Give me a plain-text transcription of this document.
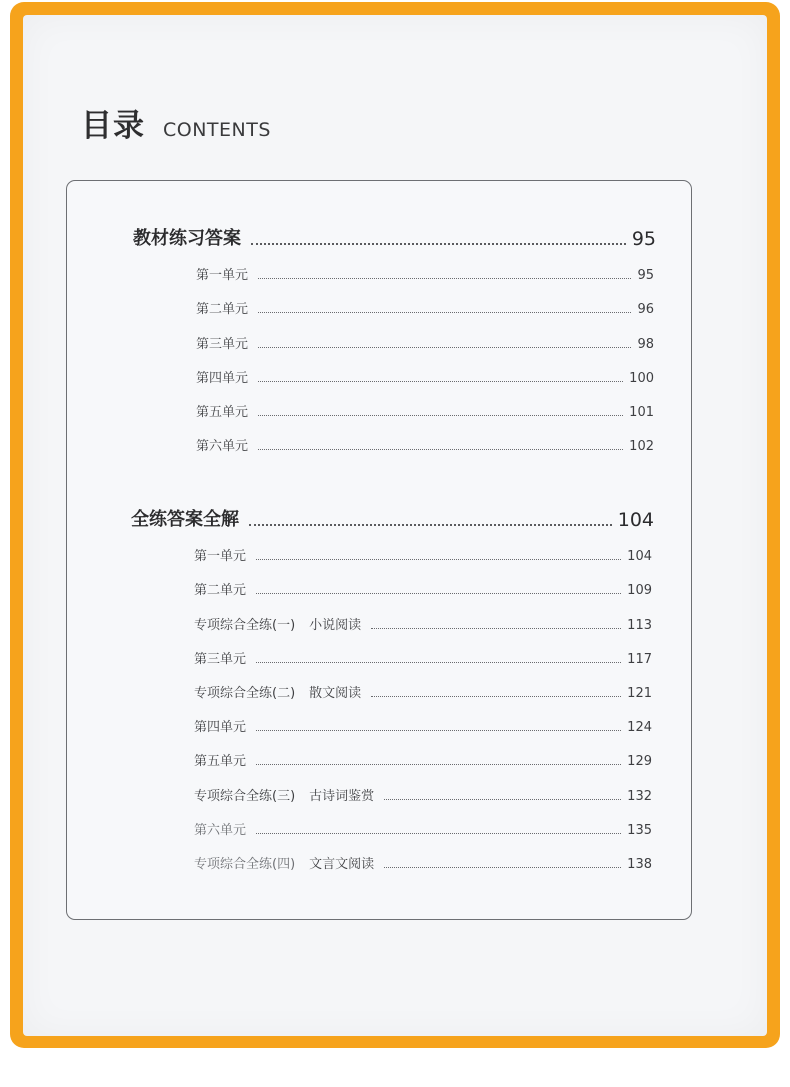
目录 CONTENTS
教材练习答案	95
第一单元	95
第二单元	96
第三单元	98
第四单元	100
第五单元	101
第六单元	102
全练答案全解	104
第一单元	104
第二单元	109
专项综合全练(一) 小说阅读	113
第三单元	117
专项综合全练(二) 散文阅读	121
第四单元	124
第五单元	129
专项综合全练(三) 古诗词鉴赏	132
第六单元	135
专项综合全练(四) 文言文阅读	138
